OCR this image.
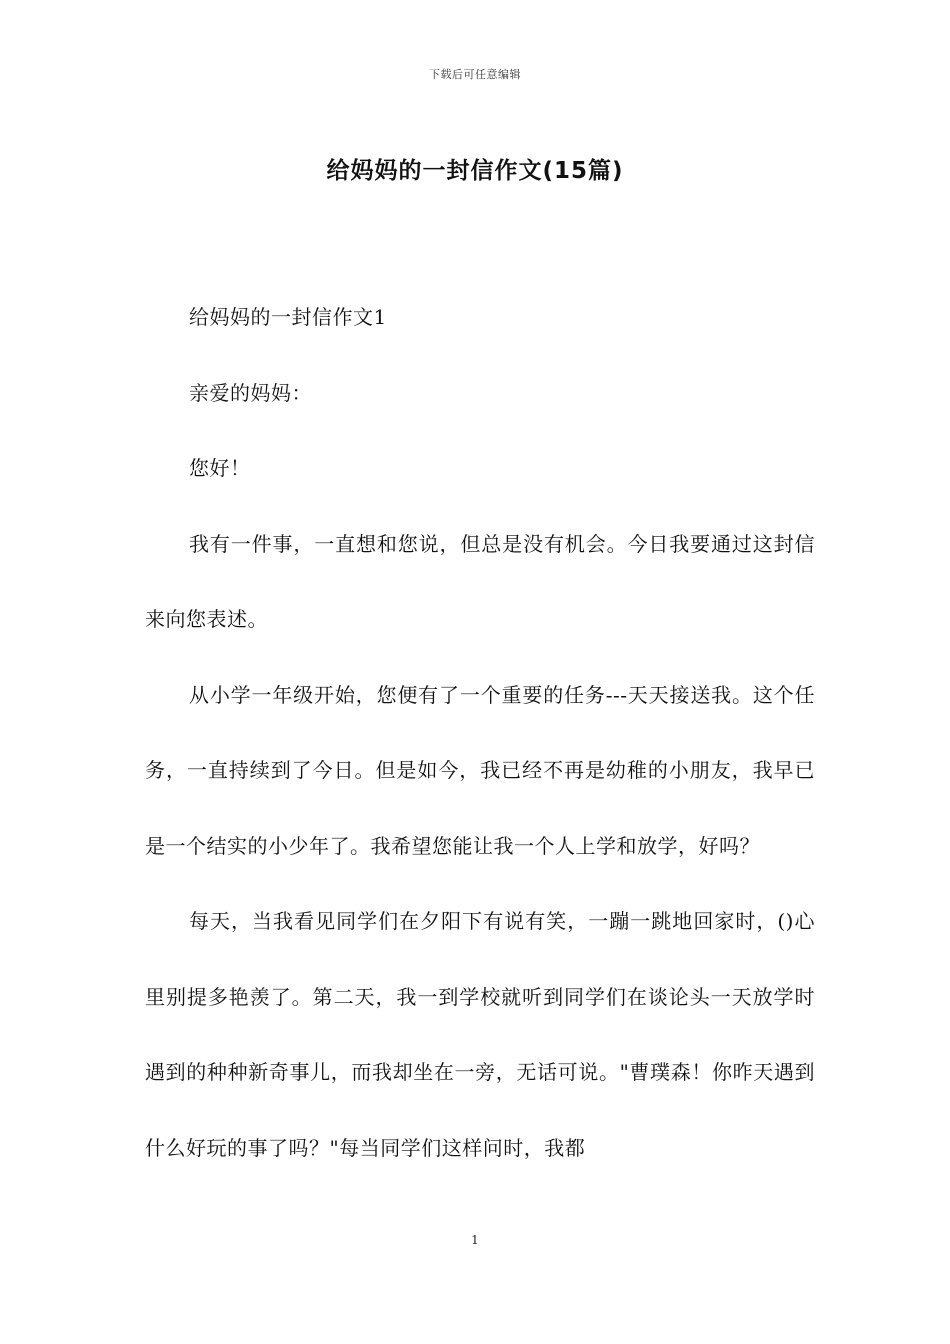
下载后可任意编辑
给妈妈的一封信作文(15篇)

给妈妈的一封信作文1

亲爱的妈妈：

您好！

我有一件事，一直想和您说，但总是没有机会。今日我要通过这封信来向您表述。

从小学一年级开始，您便有了一个重要的任务---天天接送我。这个任务，一直持续到了今日。但是如今，我已经不再是幼稚的小朋友，我早已是一个结实的小少年了。我希望您能让我一个人上学和放学，好吗？

每天，当我看见同学们在夕阳下有说有笑，一蹦一跳地回家时，()心里别提多艳羡了。第二天，我一到学校就听到同学们在谈论头一天放学时遇到的种种新奇事儿，而我却坐在一旁，无话可说。"曹璞森！你昨天遇到什么好玩的事了吗？"每当同学们这样问时，我都

1
